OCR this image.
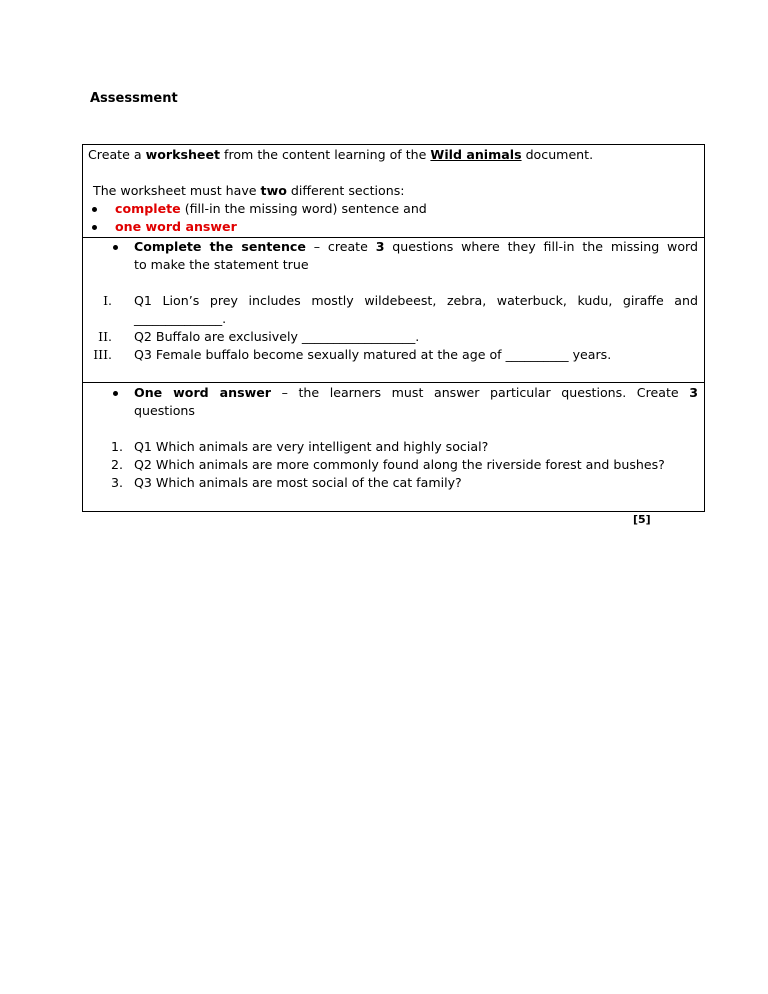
Assessment
Create a worksheet from the content learning of the Wild animals document.
The worksheet must have two different sections:
complete (fill-in the missing word) sentence and
one word answer
Complete the sentence – create 3 questions where they fill-in the missing word
to make the statement true
I. Q1 Lion’s prey includes mostly wildebeest, zebra, waterbuck, kudu, giraffe and
______________.
II. Q2 Buffalo are exclusively __________________.
III. Q3 Female buffalo become sexually matured at the age of __________ years.
One word answer – the learners must answer particular questions. Create 3
questions
1. Q1 Which animals are very intelligent and highly social?
2. Q2 Which animals are more commonly found along the riverside forest and bushes?
3. Q3 Which animals are most social of the cat family?
[5]
